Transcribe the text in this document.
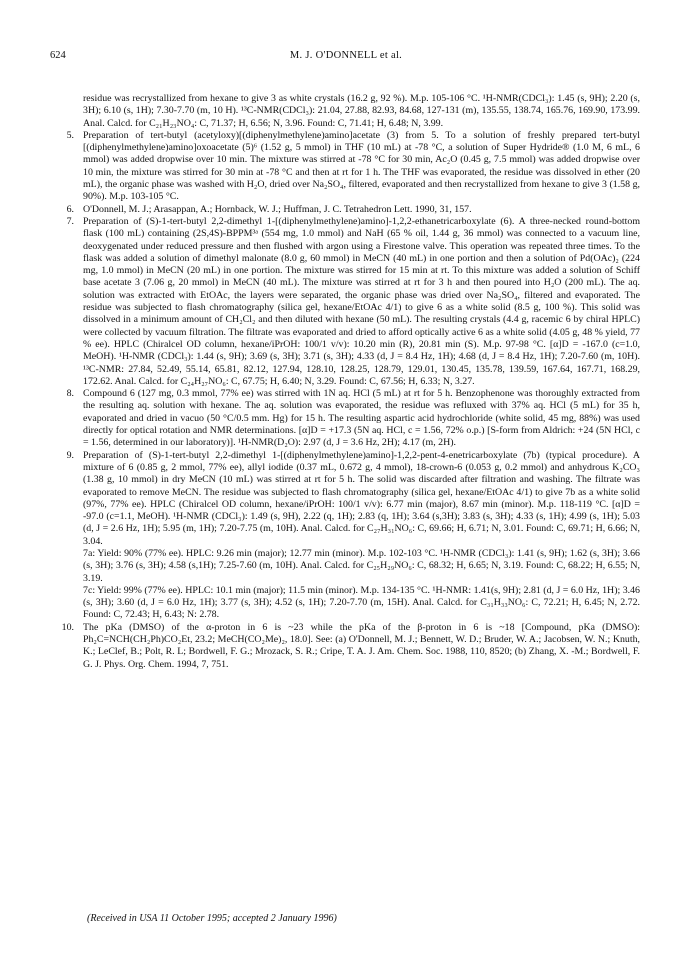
624	M. J. O'DONNELL et al.

residue was recrystallized from hexane to give 3 as white crystals (16.2 g, 92 %). M.p. 105-106 °C. ¹H-NMR(CDCl₃): 1.45 (s, 9H); 2.20 (s, 3H); 6.10 (s, 1H); 7.30-7.70 (m, 10 H). ¹³C-NMR(CDCl₃): 21.04, 27.88, 82.93, 84.68, 127-131 (m), 135.55, 138.74, 165.76, 169.90, 173.99. Anal. Calcd. for C₂₁H₂₃NO₄: C, 71.37; H, 6.56; N, 3.96. Found: C, 71.41; H, 6.48; N, 3.99.

5. Preparation of tert-butyl (acetyloxy)[(diphenylmethylene)amino]acetate (3) from 5. To a solution of freshly prepared tert-butyl [(diphenylmethylene)amino]oxoacetate (5)⁶ (1.52 g, 5 mmol) in THF (10 mL) at -78 °C, a solution of Super Hydride® (1.0 M, 6 mL, 6 mmol) was added dropwise over 10 min. The mixture was stirred at -78 °C for 30 min, Ac₂O (0.45 g, 7.5 mmol) was added dropwise over 10 min, the mixture was stirred for 30 min at -78 °C and then at rt for 1 h. The THF was evaporated, the residue was dissolved in ether (20 mL), the organic phase was washed with H₂O, dried over Na₂SO₄, filtered, evaporated and then recrystallized from hexane to give 3 (1.58 g, 90%). M.p. 103-105 °C.

6. O'Donnell, M. J.; Arasappan, A.; Hornback, W. J.; Huffman, J. C. Tetrahedron Lett. 1990, 31, 157.

7. Preparation of (S)-1-tert-butyl 2,2-dimethyl 1-[(diphenylmethylene)amino]-1,2,2-ethanetricarboxylate (6). A three-necked round-bottom flask (100 mL) containing (2S,4S)-BPPM³ᵃ (554 mg, 1.0 mmol) and NaH (65 % oil, 1.44 g, 36 mmol) was connected to a vacuum line, deoxygenated under reduced pressure and then flushed with argon using a Firestone valve. This operation was repeated three times. To the flask was added a solution of dimethyl malonate (8.0 g, 60 mmol) in MeCN (40 mL) in one portion and then a solution of Pd(OAc)₂ (224 mg, 1.0 mmol) in MeCN (20 mL) in one portion. The mixture was stirred for 15 min at rt. To this mixture was added a solution of Schiff base acetate 3 (7.06 g, 20 mmol) in MeCN (40 mL). The mixture was stirred at rt for 3 h and then poured into H₂O (200 mL). The aq. solution was extracted with EtOAc, the layers were separated, the organic phase was dried over Na₂SO₄, filtered and evaporated. The residue was subjected to flash chromatography (silica gel, hexane/EtOAc 4/1) to give 6 as a white solid (8.5 g, 100 %). This solid was dissolved in a minimum amount of CH₂Cl₂ and then diluted with hexane (50 mL). The resulting crystals (4.4 g, racemic 6 by chiral HPLC) were collected by vacuum filtration. The filtrate was evaporated and dried to afford optically active 6 as a white solid (4.05 g, 48 % yield, 77 % ee). HPLC (Chiralcel OD column, hexane/iPrOH: 100/1 v/v): 10.20 min (R), 20.81 min (S). M.p. 97-98 °C. [α]D = -167.0 (c=1.0, MeOH). ¹H-NMR (CDCl₃): 1.44 (s, 9H); 3.69 (s, 3H); 3.71 (s, 3H); 4.33 (d, J = 8.4 Hz, 1H); 4.68 (d, J = 8.4 Hz, 1H); 7.20-7.60 (m, 10H). ¹³C-NMR: 27.84, 52.49, 55.14, 65.81, 82.12, 127.94, 128.10, 128.25, 128.79, 129.01, 130.45, 135.78, 139.59, 167.64, 167.71, 168.29, 172.62. Anal. Calcd. for C₂₄H₂₇NO₆: C, 67.75; H, 6.40; N, 3.29. Found: C, 67.56; H, 6.33; N, 3.27.

8. Compound 6 (127 mg, 0.3 mmol, 77% ee) was stirred with 1N aq. HCl (5 mL) at rt for 5 h. Benzophenone was thoroughly extracted from the resulting aq. solution with hexane. The aq. solution was evaporated, the residue was refluxed with 37% aq. HCl (5 mL) for 35 h, evaporated and dried in vacuo (50 °C/0.5 mm. Hg) for 15 h. The resulting aspartic acid hydrochloride (white solid, 45 mg, 88%) was used directly for optical rotation and NMR determinations. [α]D = +17.3 (5N aq. HCl, c = 1.56, 72% o.p.) [S-form from Aldrich: +24 (5N HCl, c = 1.56, determined in our laboratory)]. ¹H-NMR(D₂O): 2.97 (d, J = 3.6 Hz, 2H); 4.17 (m, 2H).

9. Preparation of (S)-1-tert-butyl 2,2-dimethyl 1-[(diphenylmethylene)amino]-1,2,2-pent-4-enetricarboxylate (7b) (typical procedure). A mixture of 6 (0.85 g, 2 mmol, 77% ee), allyl iodide (0.37 mL, 0.672 g, 4 mmol), 18-crown-6 (0.053 g, 0.2 mmol) and anhydrous K₂CO₃ (1.38 g, 10 mmol) in dry MeCN (10 mL) was stirred at rt for 5 h. The solid was discarded after filtration and washing. The filtrate was evaporated to remove MeCN. The residue was subjected to flash chromatography (silica gel, hexane/EtOAc 4/1) to give 7b as a white solid (97%, 77% ee). HPLC (Chiralcel OD column, hexane/iPrOH: 100/1 v/v): 6.77 min (major), 8.67 min (minor). M.p. 118-119 °C. [α]D = -97.0 (c=1.1, MeOH). ¹H-NMR (CDCl₃): 1.49 (s, 9H), 2.22 (q, 1H); 2.83 (q, 1H); 3.64 (s,3H); 3.83 (s, 3H); 4.33 (s, 1H); 4.99 (s, 1H); 5.03 (d, J = 2.6 Hz, 1H); 5.95 (m, 1H); 7.20-7.75 (m, 10H). Anal. Calcd. for C₂₇H₃₁NO₆: C, 69.66; H, 6.71; N, 3.01. Found: C, 69.71; H, 6.66; N, 3.04.

7a: Yield: 90% (77% ee). HPLC: 9.26 min (major); 12.77 min (minor). M.p. 102-103 °C. ¹H-NMR (CDCl₃): 1.41 (s, 9H); 1.62 (s, 3H); 3.66 (s, 3H); 3.76 (s, 3H); 4.58 (s,1H); 7.25-7.60 (m, 10H). Anal. Calcd. for C₂₅H₂₉NO₆: C, 68.32; H, 6.65; N, 3.19. Found: C, 68.22; H, 6.55; N, 3.19.

7c: Yield: 99% (77% ee). HPLC: 10.1 min (major); 11.5 min (minor). M.p. 134-135 °C. ¹H-NMR: 1.41(s, 9H); 2.81 (d, J = 6.0 Hz, 1H); 3.46 (s, 3H); 3.60 (d, J = 6.0 Hz, 1H); 3.77 (s, 3H); 4.52 (s, 1H); 7.20-7.70 (m, 15H). Anal. Calcd. for C₃₁H₃₃NO₆: C, 72.21; H, 6.45; N, 2.72. Found: C, 72.43; H, 6.43; N: 2.78.

10. The pKa (DMSO) of the α-proton in 6 is ~23 while the pKa of the β-proton in 6 is ~18 [Compound, pKa (DMSO): Ph₂C=NCH(CH₂Ph)CO₂Et, 23.2; MeCH(CO₂Me)₂, 18.0]. See: (a) O'Donnell, M. J.; Bennett, W. D.; Bruder, W. A.; Jacobsen, W. N.; Knuth, K.; LeClef, B.; Polt, R. L; Bordwell, F. G.; Mrozack, S. R.; Cripe, T. A. J. Am. Chem. Soc. 1988, 110, 8520; (b) Zhang, X. -M.; Bordwell, F. G. J. Phys. Org. Chem. 1994, 7, 751.

(Received in USA 11 October 1995; accepted 2 January 1996)
